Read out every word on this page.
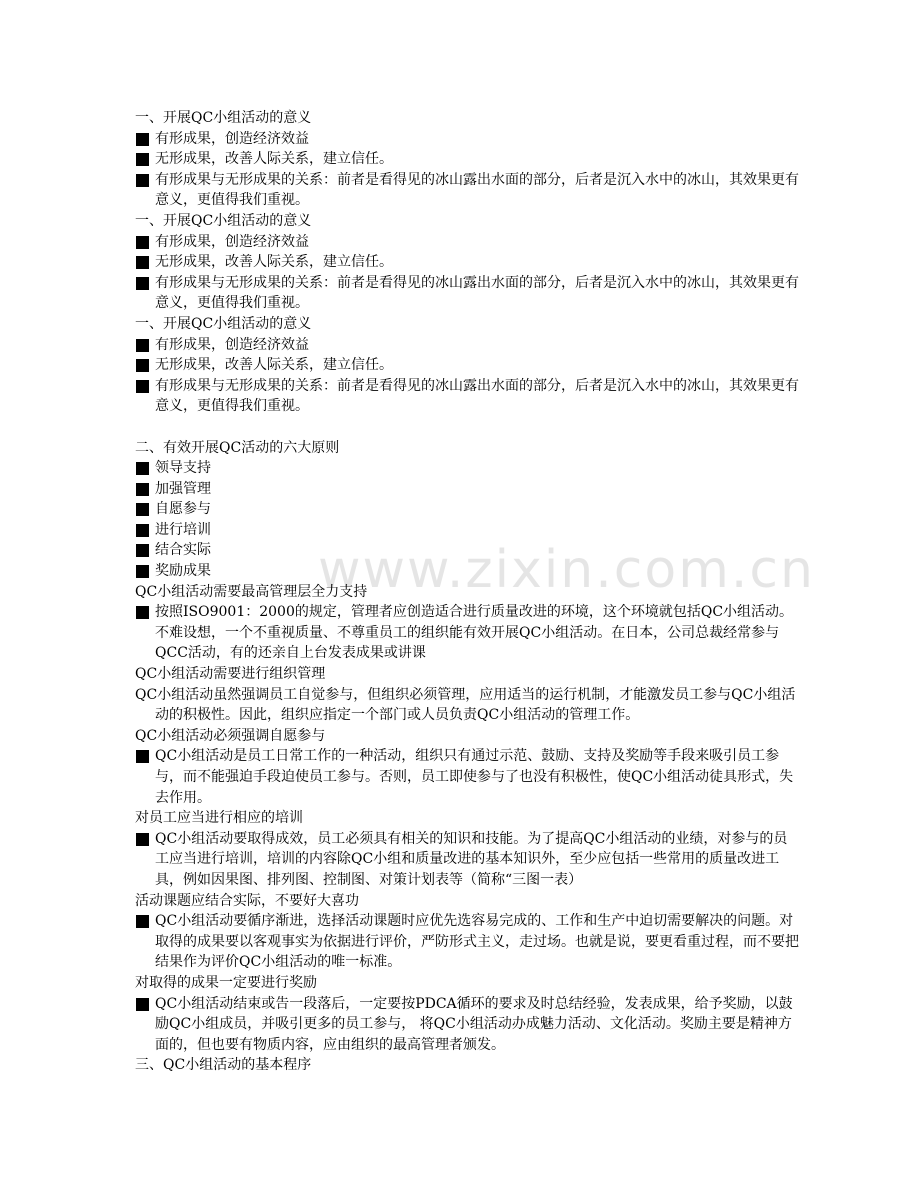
www.zixin.com.cn
一、开展QC小组活动的意义
有形成果，创造经济效益
无形成果，改善人际关系，建立信任。
有形成果与无形成果的关系：前者是看得见的冰山露出水面的部分，后者是沉入水中的冰山，其效果更有意义，更值得我们重视。
一、开展QC小组活动的意义
有形成果，创造经济效益
无形成果，改善人际关系，建立信任。
有形成果与无形成果的关系：前者是看得见的冰山露出水面的部分，后者是沉入水中的冰山，其效果更有意义，更值得我们重视。
一、开展QC小组活动的意义
有形成果，创造经济效益
无形成果，改善人际关系，建立信任。
有形成果与无形成果的关系：前者是看得见的冰山露出水面的部分，后者是沉入水中的冰山，其效果更有意义，更值得我们重视。
二、有效开展QC活动的六大原则
领导支持
加强管理
自愿参与
进行培训
结合实际
奖励成果
QC小组活动需要最高管理层全力支持
按照ISO9001：2000的规定，管理者应创造适合进行质量改进的环境，这个环境就包括QC小组活动。不难设想，一个不重视质量、不尊重员工的组织能有效开展QC小组活动。在日本，公司总裁经常参与QCC活动，有的还亲自上台发表成果或讲课
QC小组活动需要进行组织管理
QC小组活动虽然强调员工自觉参与，但组织必须管理，应用适当的运行机制，才能激发员工参与QC小组活动的积极性。因此，组织应指定一个部门或人员负责QC小组活动的管理工作。
QC小组活动必须强调自愿参与
QC小组活动是员工日常工作的一种活动，组织只有通过示范、鼓励、支持及奖励等手段来吸引员工参与，而不能强迫手段迫使员工参与。否则，员工即使参与了也没有积极性，使QC小组活动徒具形式，失去作用。
对员工应当进行相应的培训
QC小组活动要取得成效，员工必须具有相关的知识和技能。为了提高QC小组活动的业绩，对参与的员工应当进行培训，培训的内容除QC小组和质量改进的基本知识外，至少应包括一些常用的质量改进工具，例如因果图、排列图、控制图、对策计划表等（简称“三图一表）
活动课题应结合实际，不要好大喜功
QC小组活动要循序渐进，选择活动课题时应优先选容易完成的、工作和生产中迫切需要解决的问题。对取得的成果要以客观事实为依据进行评价，严防形式主义，走过场。也就是说，要更看重过程，而不要把结果作为评价QC小组活动的唯一标准。
对取得的成果一定要进行奖励
QC小组活动结束或告一段落后，一定要按PDCA循环的要求及时总结经验，发表成果，给予奖励，以鼓励QC小组成员，并吸引更多的员工参与， 将QC小组活动办成魅力活动、文化活动。奖励主要是精神方面的，但也要有物质内容，应由组织的最高管理者颁发。
三、QC小组活动的基本程序
